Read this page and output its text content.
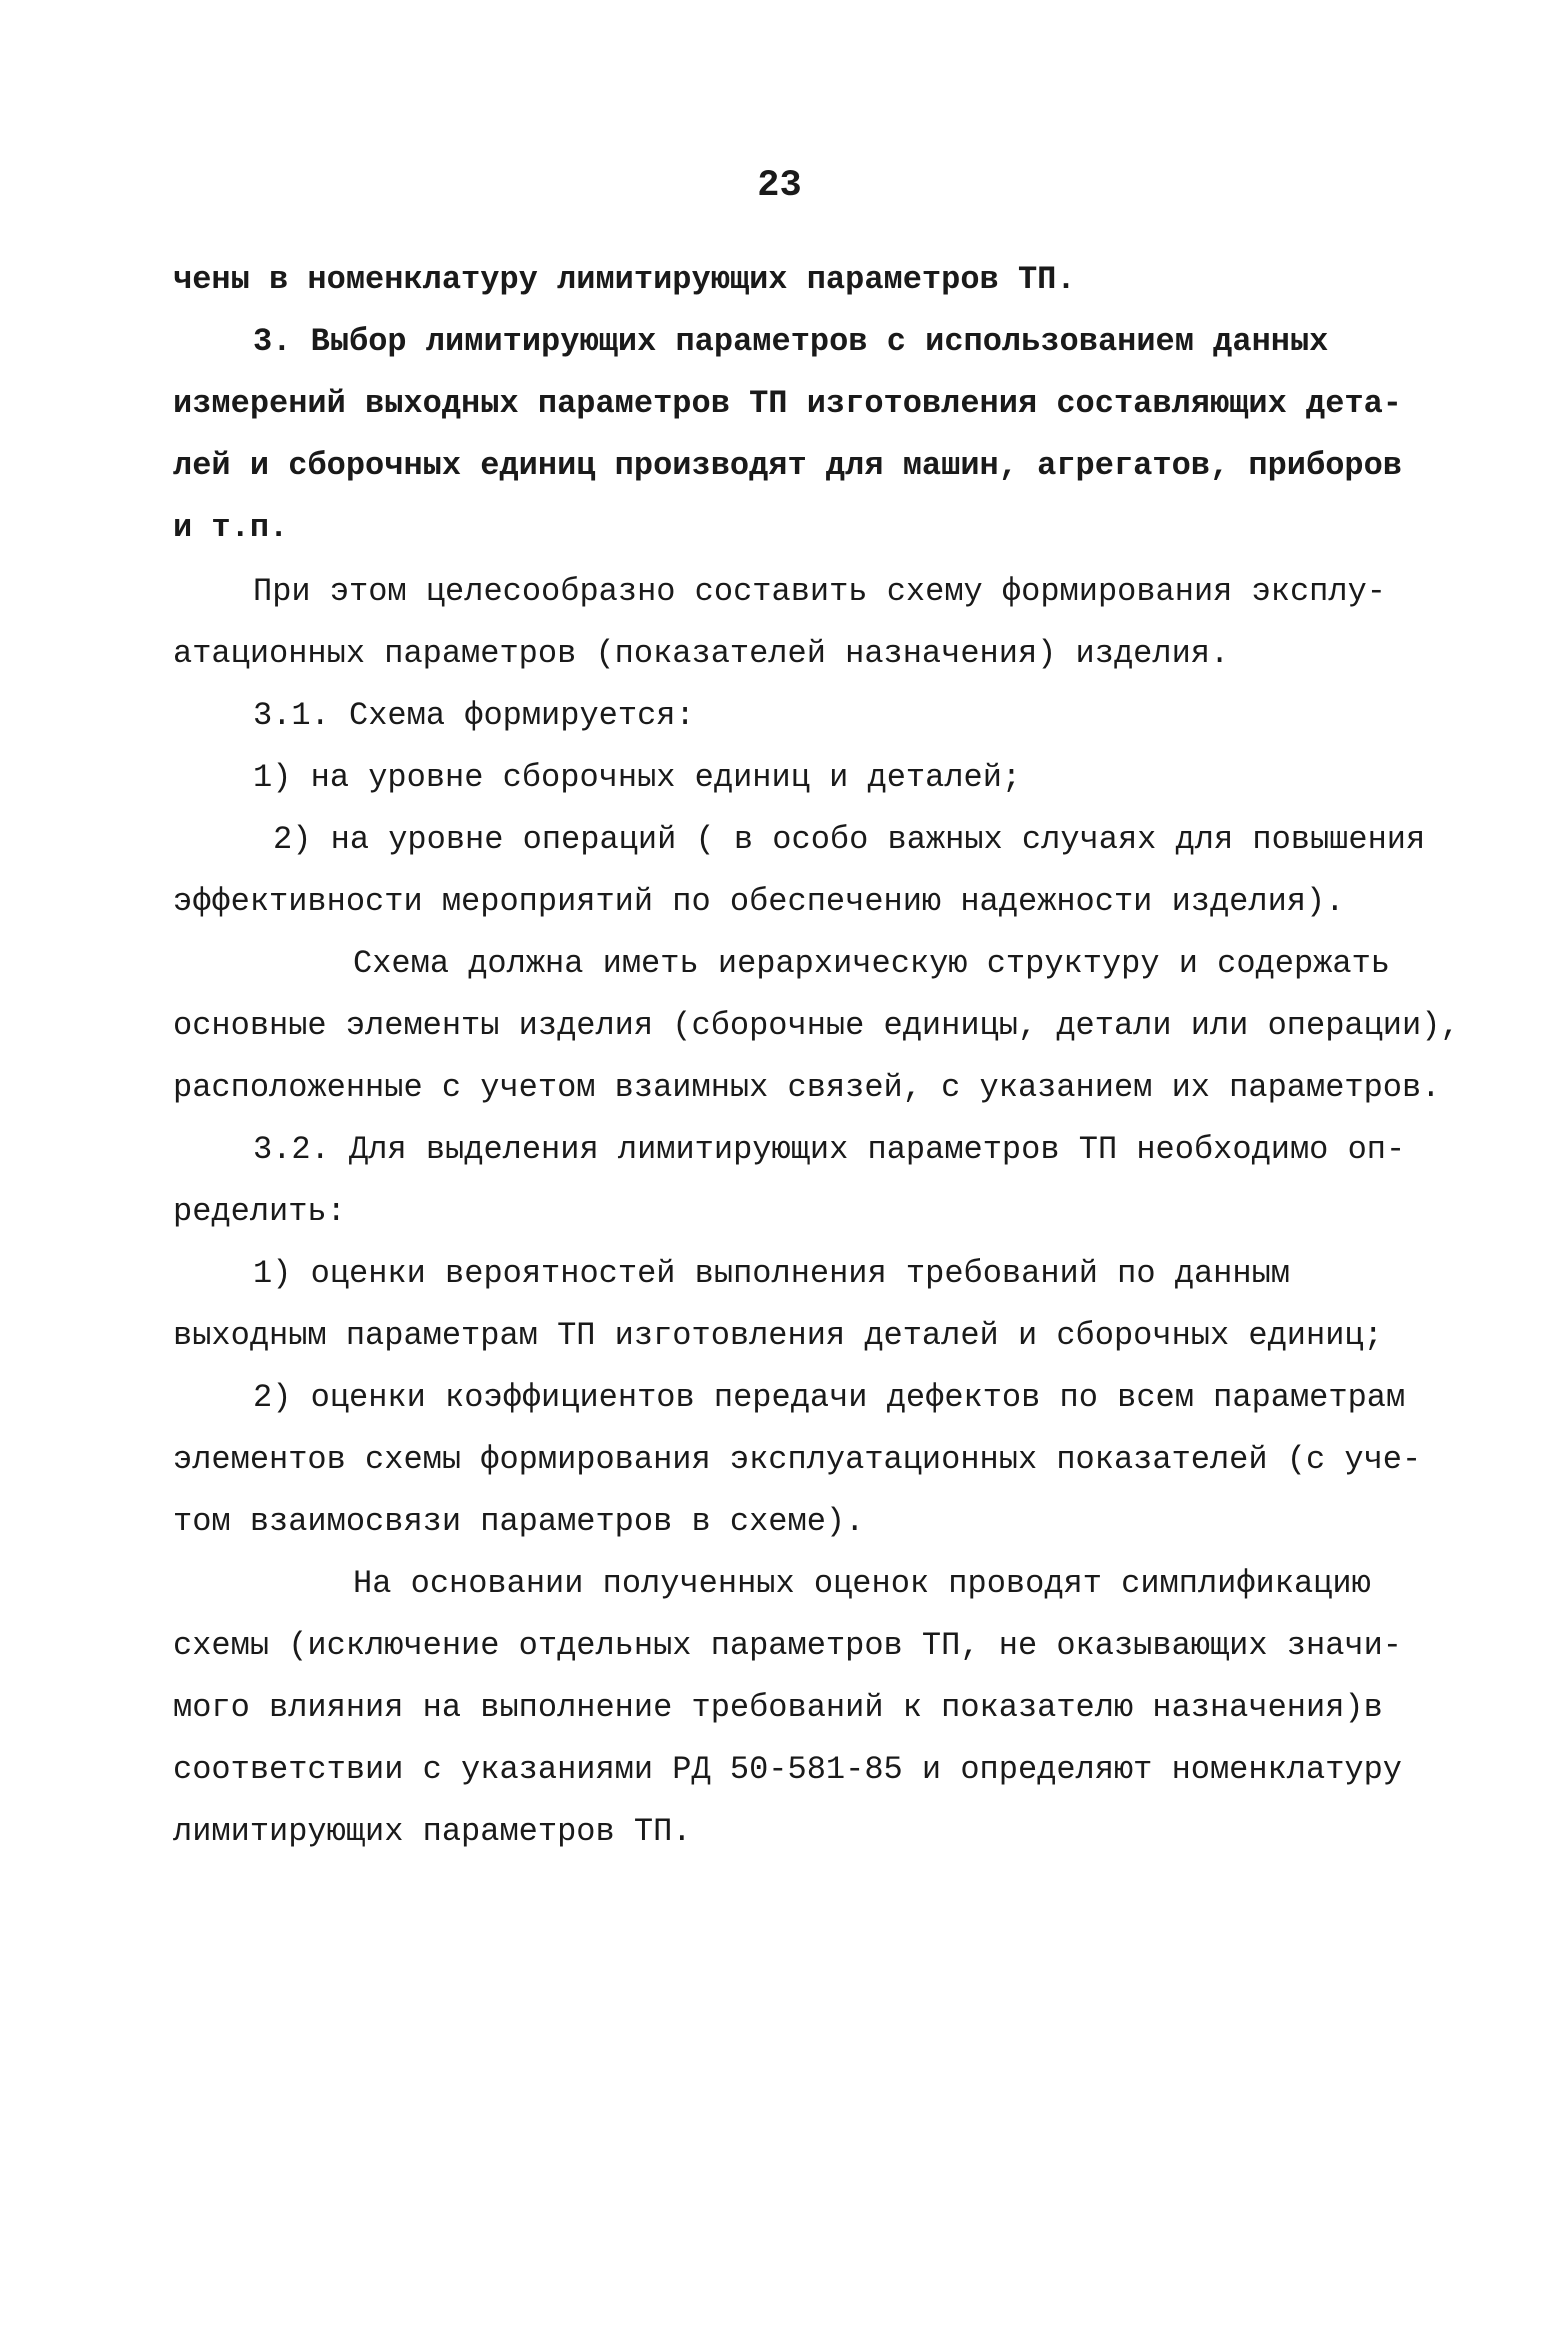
23
чены в номенклатуру лимитирующих параметров ТП.
3. Выбор лимитирующих параметров с использованием данных
измерений выходных параметров ТП изготовления составляющих дета-
лей и сборочных единиц производят для машин, агрегатов, приборов
и т.п.
При этом целесообразно составить схему формирования эксплу-
атационных параметров (показателей назначения) изделия.
3.1. Схема формируется:
1) на уровне сборочных единиц и деталей;
2) на уровне операций ( в особо важных случаях для повышения
эффективности мероприятий по обеспечению надежности изделия).
Схема должна иметь иерархическую структуру и содержать
основные элементы изделия (сборочные единицы, детали или операции),
расположенные с учетом взаимных связей, с указанием их параметров.
3.2. Для выделения лимитирующих параметров ТП необходимо оп-
ределить:
1) оценки вероятностей выполнения требований по данным
выходным параметрам ТП изготовления деталей и сборочных единиц;
2) оценки коэффициентов передачи дефектов по всем параметрам
элементов схемы формирования эксплуатационных показателей (с уче-
том взаимосвязи параметров в схеме).
На основании полученных оценок проводят симплификацию
схемы (исключение отдельных параметров ТП, не оказывающих значи-
мого влияния на выполнение требований к показателю назначения)в
соответствии с указаниями РД 50-581-85 и определяют номенклатуру
лимитирующих параметров ТП.
